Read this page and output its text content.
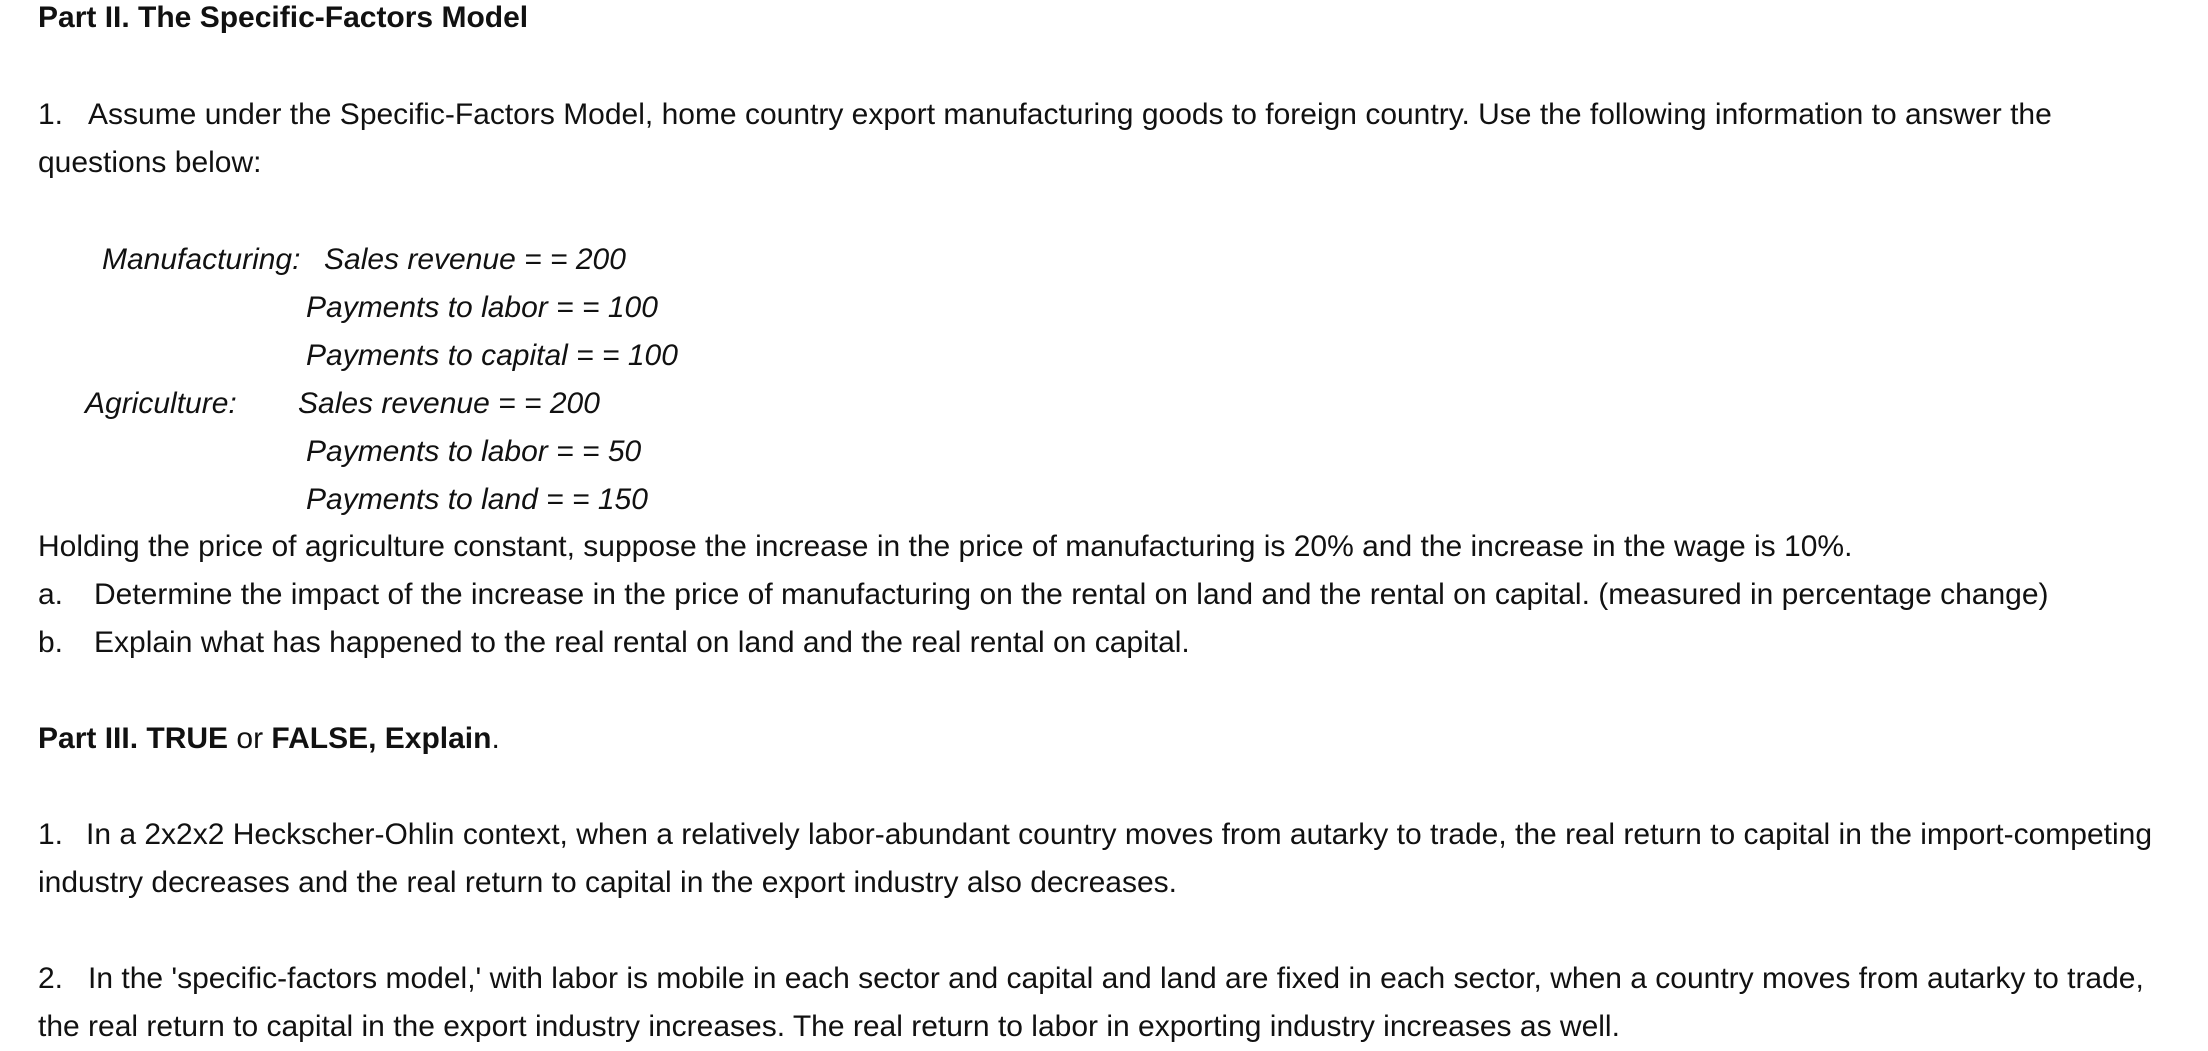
Part II. The Specific-Factors Model

1. Assume under the Specific-Factors Model, home country export manufacturing goods to foreign country. Use the following information to answer the questions below:

Manufacturing: Sales revenue = = 200
Payments to labor = = 100
Payments to capital = = 100
Agriculture: Sales revenue = = 200
Payments to labor = = 50
Payments to land = = 150

Holding the price of agriculture constant, suppose the increase in the price of manufacturing is 20% and the increase in the wage is 10%.

a. Determine the impact of the increase in the price of manufacturing on the rental on land and the rental on capital. (measured in percentage change)

b. Explain what has happened to the real rental on land and the real rental on capital.

Part III. TRUE or FALSE, Explain.

1. In a 2x2x2 Heckscher-Ohlin context, when a relatively labor-abundant country moves from autarky to trade, the real return to capital in the import-competing industry decreases and the real return to capital in the export industry also decreases.

2. In the 'specific-factors model,' with labor is mobile in each sector and capital and land are fixed in each sector, when a country moves from autarky to trade, the real return to capital in the export industry increases. The real return to labor in exporting industry increases as well.
